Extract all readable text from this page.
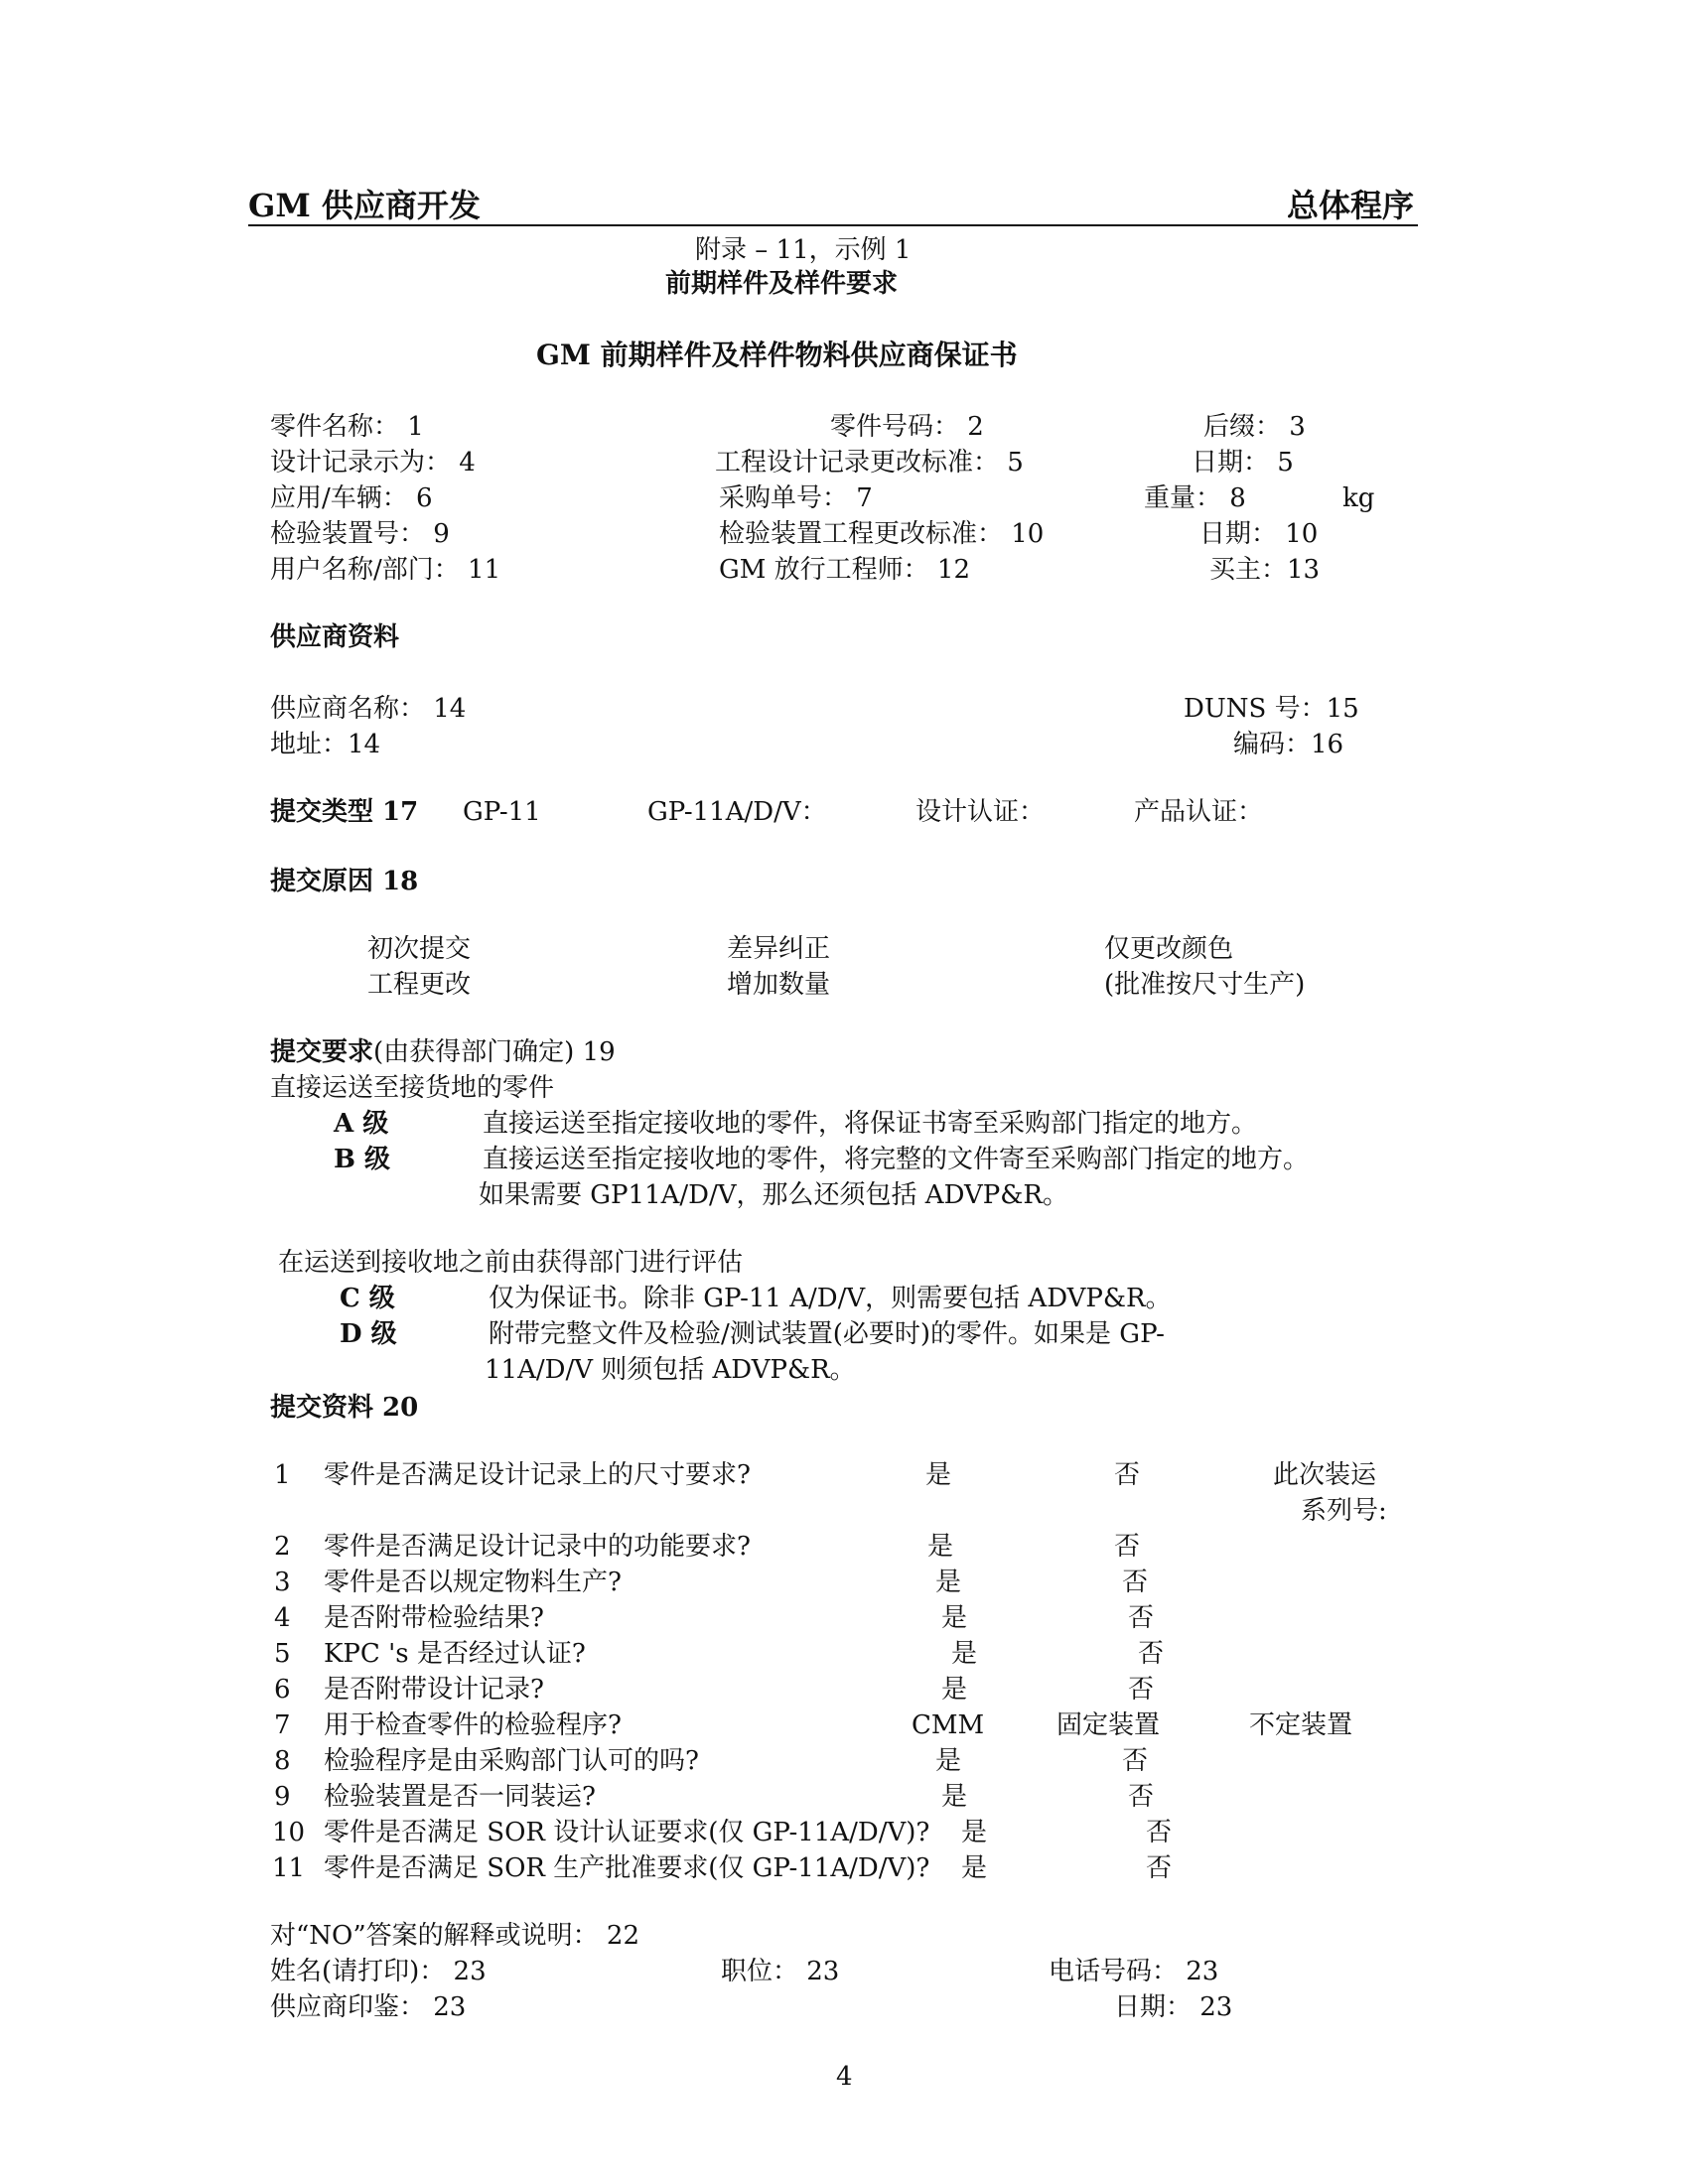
GM 供应商开发	总体程序
附录 – 11，示例 1
前期样件及样件要求
GM 前期样件及样件物料供应商保证书
零件名称： 1	零件号码： 2	后缀： 3
设计记录示为： 4	工程设计记录更改标准： 5	日期： 5
应用/车辆： 6	采购单号： 7	重量： 8	kg
检验装置号： 9	检验装置工程更改标准： 10	日期： 10
用户名称/部门： 11	GM 放行工程师： 12	买主：13
供应商资料
供应商名称： 14	DUNS 号：15
地址：14	编码：16
提交类型 17 GP-11	GP-11A/D/V：	设计认证：	产品认证：
提交原因 18
初次提交	差异纠正	仅更改颜色
工程更改	增加数量	(批准按尺寸生产)
提交要求(由获得部门确定) 19
直接运送至接货地的零件
A 级	直接运送至指定接收地的零件，将保证书寄至采购部门指定的地方。
B 级	直接运送至指定接收地的零件，将完整的文件寄至采购部门指定的地方。
如果需要 GP11A/D/V，那么还须包括 ADVP&R。
在运送到接收地之前由获得部门进行评估
C 级	仅为保证书。除非 GP-11 A/D/V，则需要包括 ADVP&R。
D 级	附带完整文件及检验/测试装置(必要时)的零件。如果是 GP-
11A/D/V 则须包括 ADVP&R。
提交资料 20
1 零件是否满足设计记录上的尺寸要求?	是	否	此次装运
系列号:
2 零件是否满足设计记录中的功能要求?	是	否
3 零件是否以规定物料生产?	是	否
4 是否附带检验结果?	是	否
5 KPC 's 是否经过认证?	是	否
6 是否附带设计记录?	是	否
7 用于检查零件的检验程序?	CMM	固定装置	不定装置
8 检验程序是由采购部门认可的吗?	是	否
9 检验装置是否一同装运?	是	否
10 零件是否满足 SOR 设计认证要求(仅 GP-11A/D/V)? 是	否
11 零件是否满足 SOR 生产批准要求(仅 GP-11A/D/V)? 是	否
对“NO”答案的解释或说明： 22
姓名(请打印)： 23	职位： 23	电话号码： 23
供应商印鉴： 23	日期： 23
4
